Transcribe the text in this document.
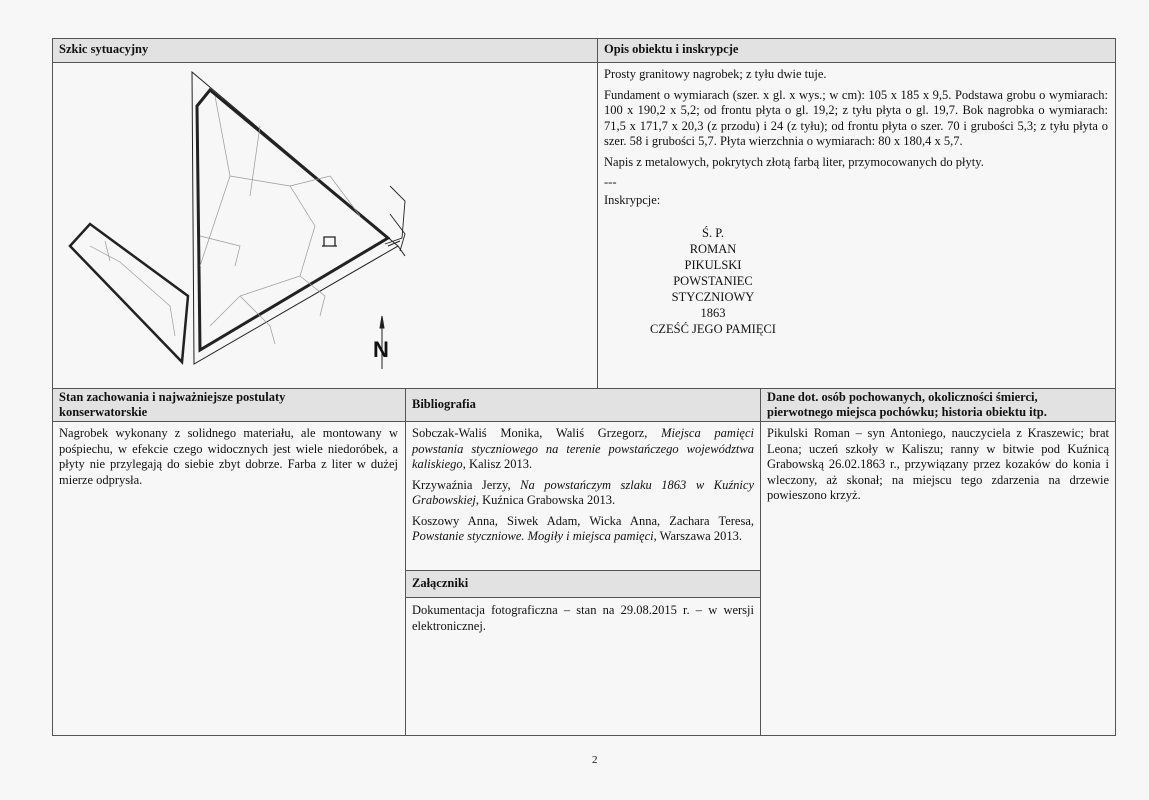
Szkic sytuacyjny	Opis obiektu i inskrypcje
N

Prosty granitowy nagrobek; z tyłu dwie tuje.

Fundament o wymiarach (szer. x gl. x wys.; w cm): 105 x 185 x 9,5. Podstawa grobu o wymiarach: 100 x 190,2 x 5,2; od frontu płyta o gl. 19,2; z tyłu płyta o gl. 19,7. Bok nagrobka o wymiarach: 71,5 x 171,7 x 20,3 (z przodu) i 24 (z tyłu); od frontu płyta o szer. 70 i grubości 5,3; z tyłu płyta o szer. 58 i grubości 5,7. Płyta wierzchnia o wymiarach: 80 x 180,4 x 5,7.

Napis z metalowych, pokrytych złotą farbą liter, przymocowanych do płyty.

---

Inskrypcje:

Ś. P.
ROMAN
PIKULSKI
POWSTANIEC
STYCZNIOWY
1863
CZEŚĆ JEGO PAMIĘCI
Stan zachowania i najważniejsze postulaty
konserwatorskie
Bibliografia	Dane dot. osób pochowanych, okoliczności śmierci,
pierwotnego miejsca pochówku; historia obiektu itp.
Nagrobek wykonany z solidnego materiału, ale montowany w pośpiechu, w efekcie czego widocznych jest wiele niedoróbek, a płyty nie przylegają do siebie zbyt dobrze. Farba z liter w dużej mierze odprysła.

Sobczak-Waliś Monika, Waliś Grzegorz, Miejsca pamięci powstania styczniowego na terenie powstańczego województwa kaliskiego, Kalisz 2013.

Krzywaźnia Jerzy, Na powstańczym szlaku 1863 w Kuźnicy Grabowskiej, Kuźnica Grabowska 2013.

Koszowy Anna, Siwek Adam, Wicka Anna, Zachara Teresa, Powstanie styczniowe. Mogiły i miejsca pamięci, Warszawa 2013.

Załączniki
Dokumentacja fotograficzna – stan na 29.08.2015 r. – w wersji elektronicznej.
Pikulski Roman – syn Antoniego, nauczyciela z Kraszewic; brat Leona; uczeń szkoły w Kaliszu; ranny w bitwie pod Kuźnicą Grabowską 26.02.1863 r., przywiązany przez kozaków do konia i wleczony, aż skonał; na miejscu tego zdarzenia na drzewie powieszono krzyż.
2
